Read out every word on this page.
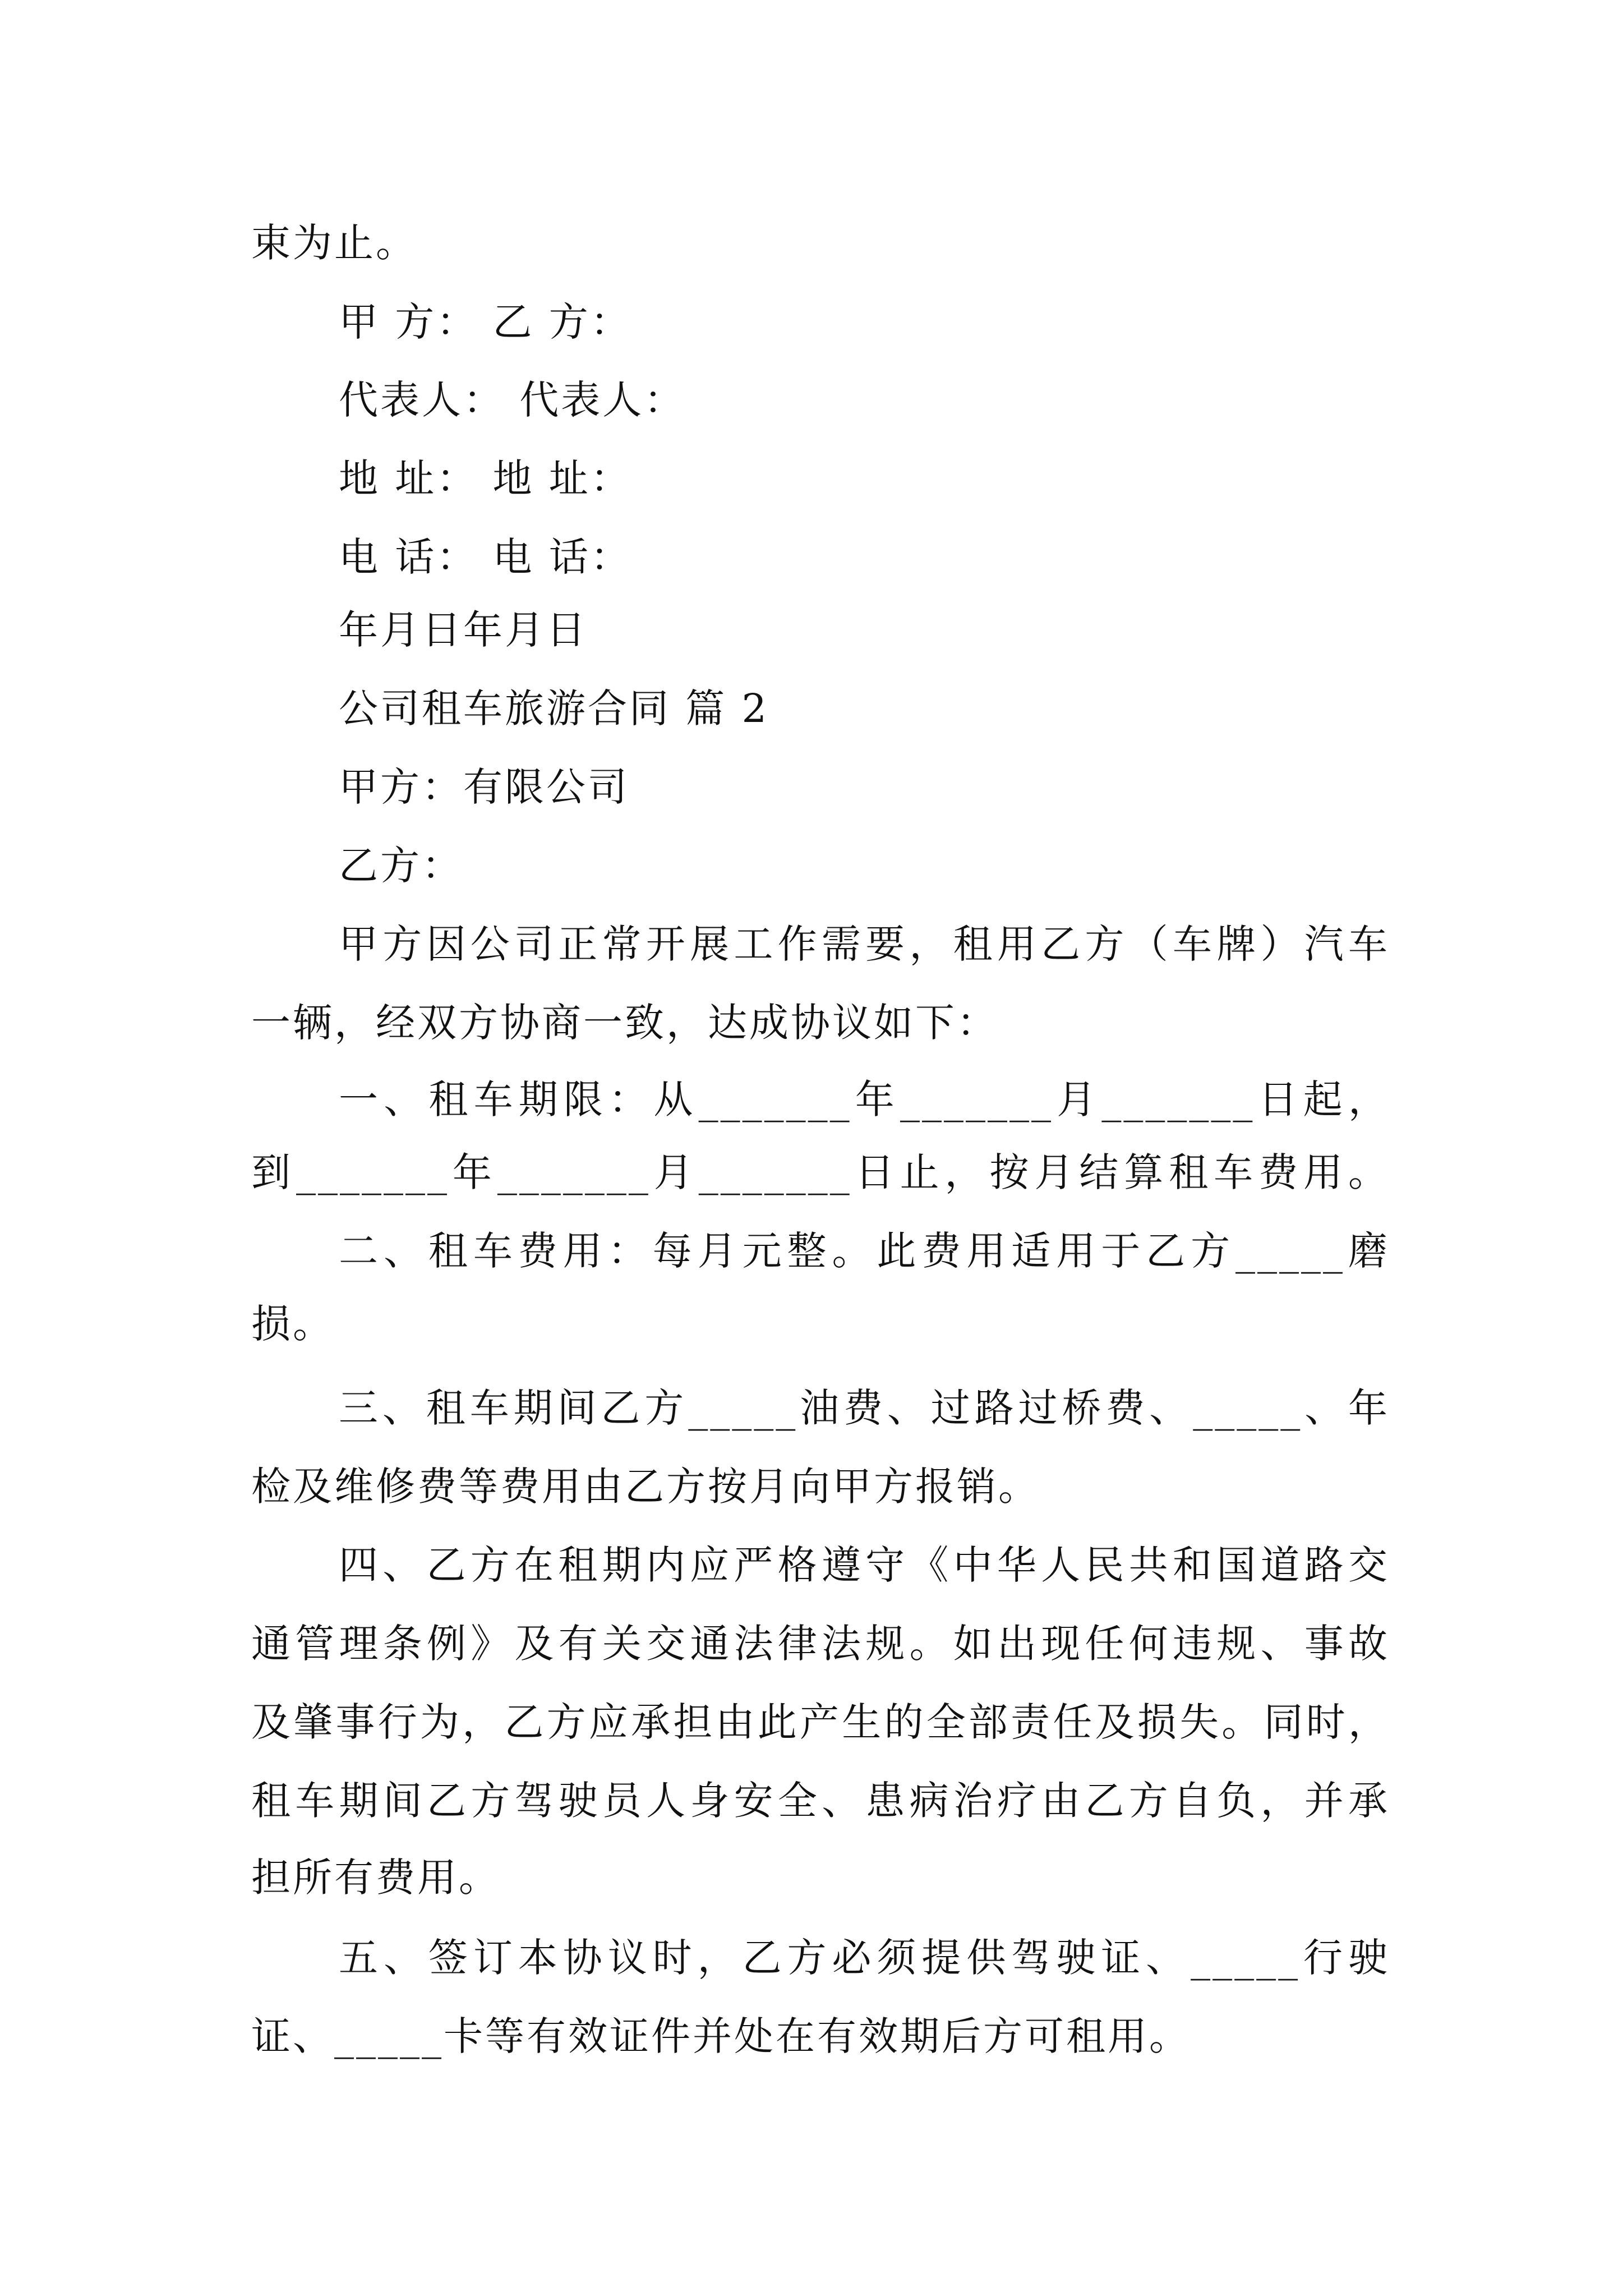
束为止。
甲 方： 乙 方：
代表人： 代表人：
地 址： 地 址：
电 话： 电 话：
年月日年月日
公司租车旅游合同 篇 2
甲方：有限公司
乙方：
甲方因公司正常开展工作需要，租用乙方（车牌）汽车
一辆，经双方协商一致，达成协议如下：
一、租车期限：从_______年_______月_______日起，
到_______年_______月_______日止，按月结算租车费用。
二、租车费用：每月元整。此费用适用于乙方_____磨
损。
三、租车期间乙方_____油费、过路过桥费、_____、年
检及维修费等费用由乙方按月向甲方报销。
四、乙方在租期内应严格遵守《中华人民共和国道路交
通管理条例》及有关交通法律法规。如出现任何违规、事故
及肇事行为，乙方应承担由此产生的全部责任及损失。同时，
租车期间乙方驾驶员人身安全、患病治疗由乙方自负，并承
担所有费用。
五、签订本协议时，乙方必须提供驾驶证、_____行驶
证、_____卡等有效证件并处在有效期后方可租用。
